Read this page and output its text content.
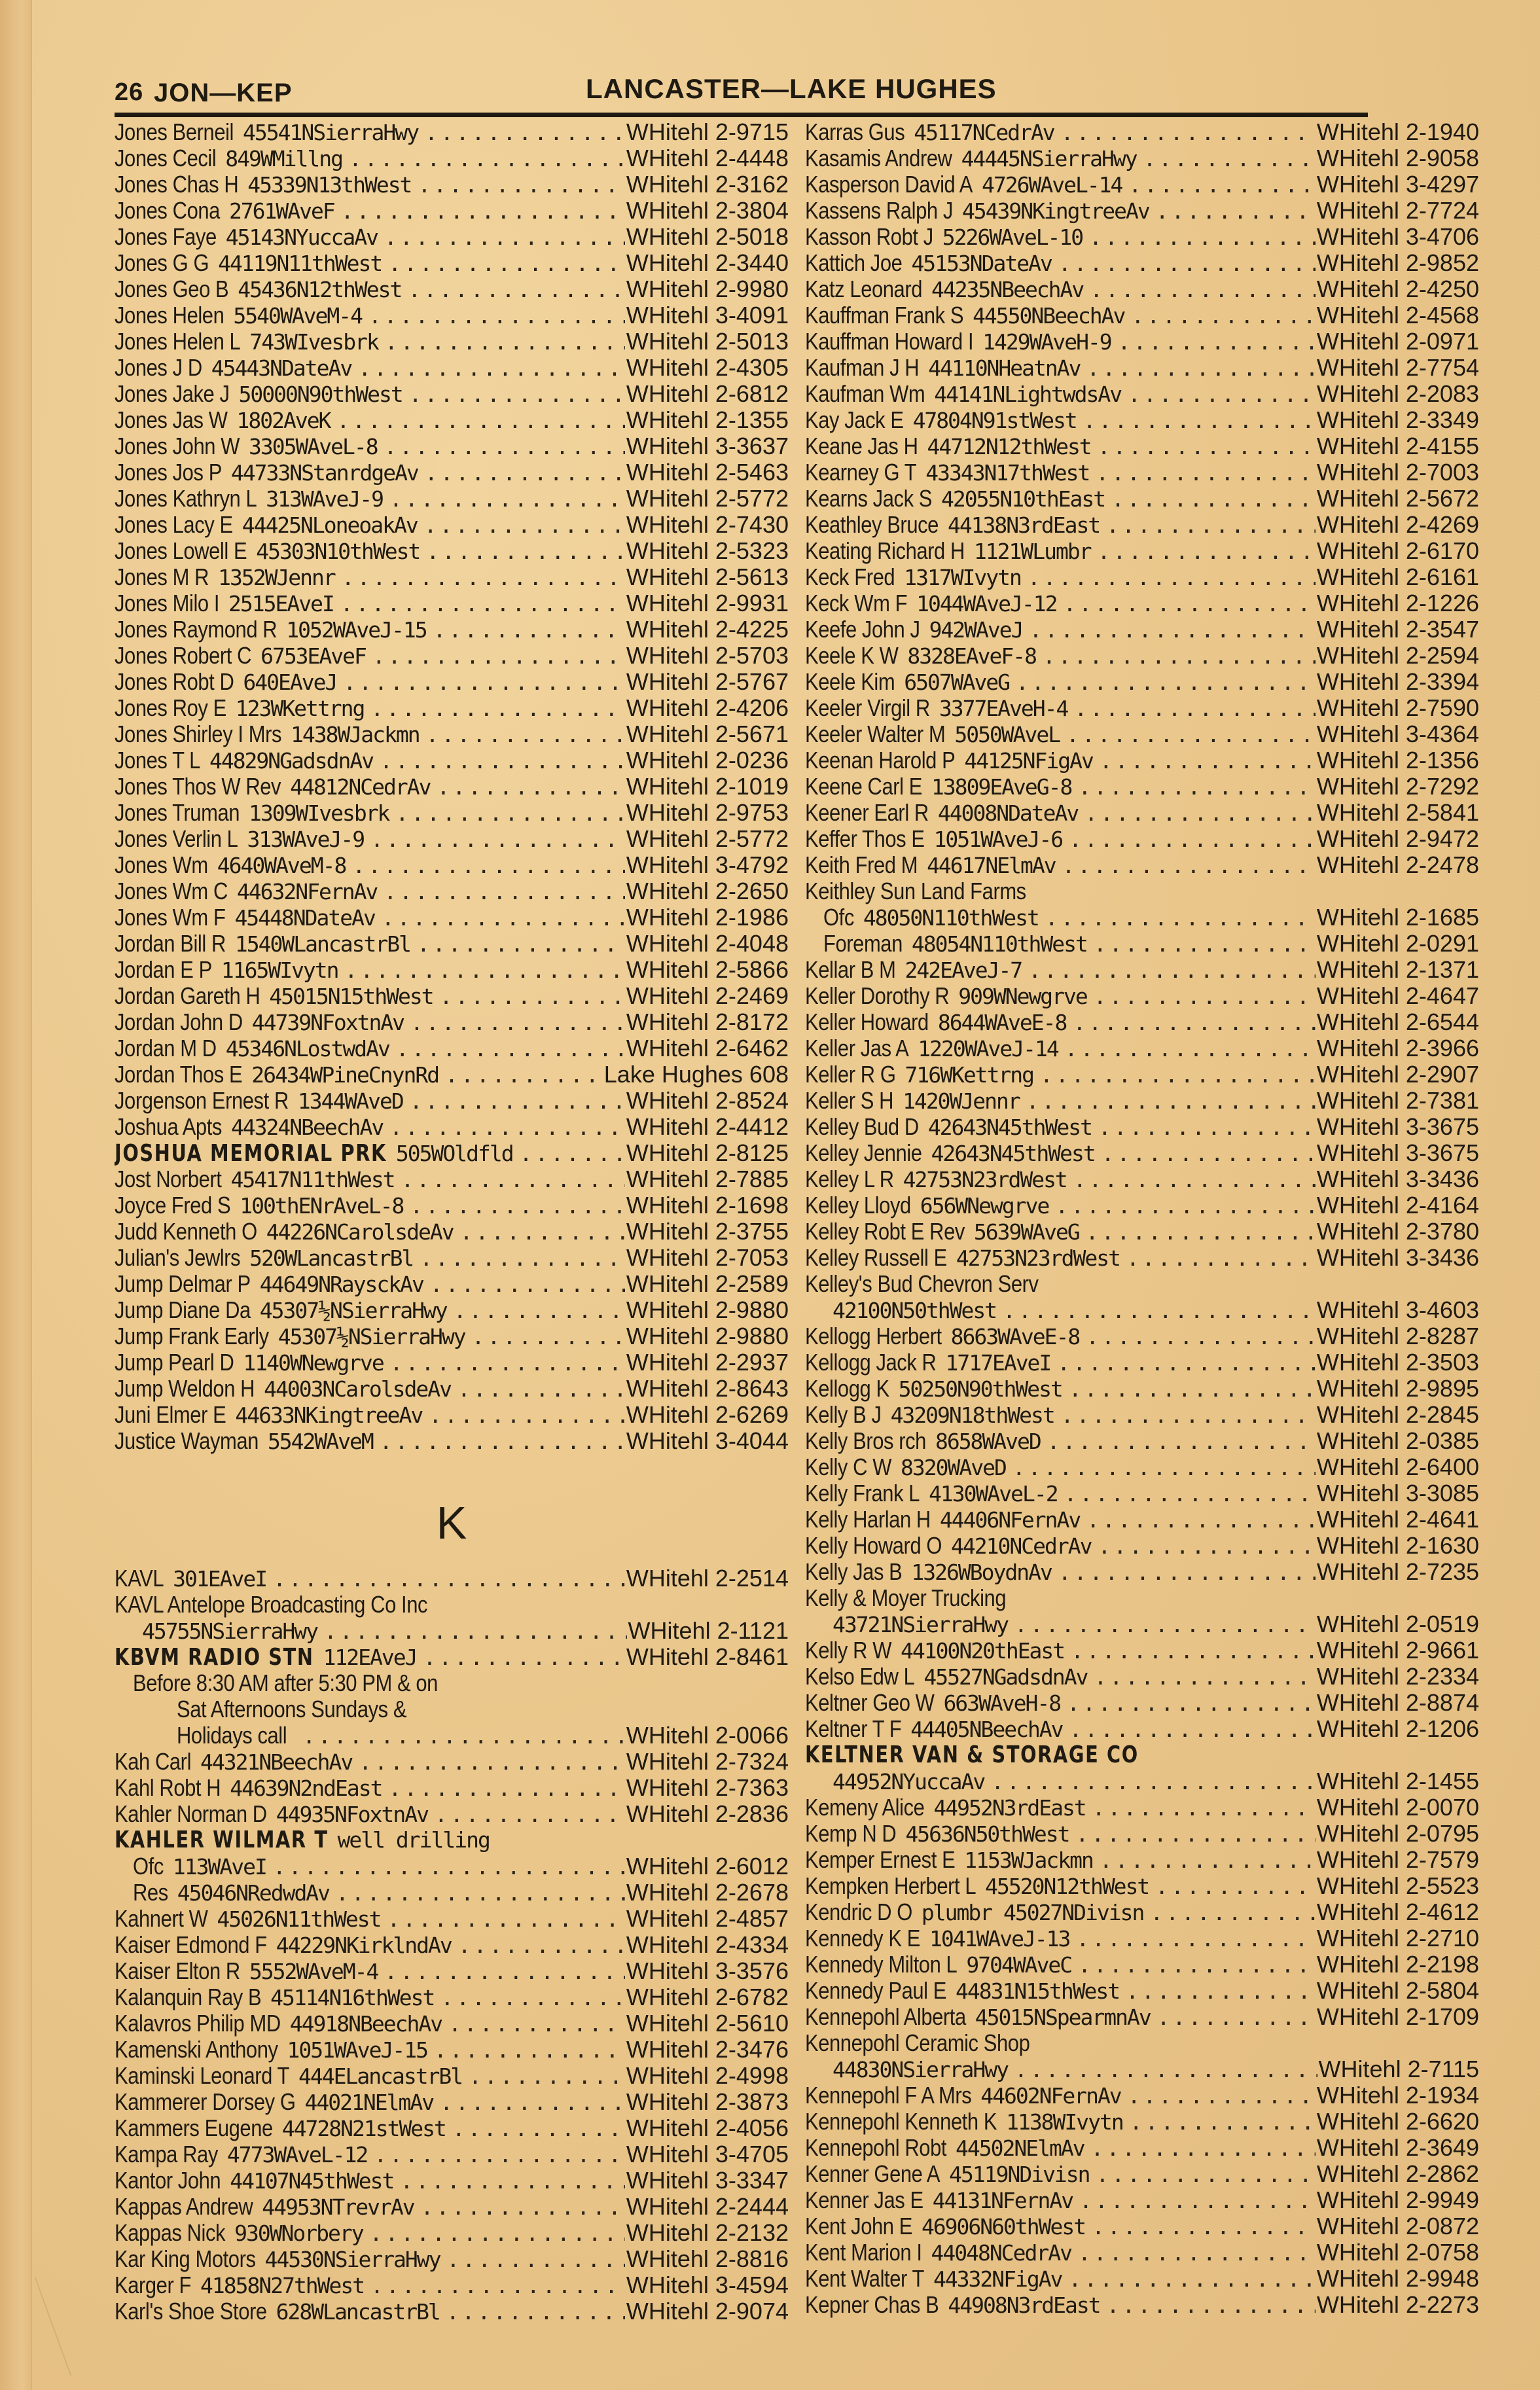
26 JON—KEP	LANCASTER—LAKE HUGHES
Jones Berneil 45541NSierraHwy .....	WHitehl 2-9715
Jones Cecil 849WMillng .....	WHitehl 2-4448
Jones Chas H 45339N13thWest .....	WHitehl 2-3162
Jones Cona 2761WAveF .....	WHitehl 2-3804
Jones Faye 45143NYuccaAv .....	WHitehl 2-5018
Jones G G 44119N11thWest .....	WHitehl 2-3440
Jones Geo B 45436N12thWest .....	WHitehl 2-9980
Jones Helen 5540WAveM-4 .....	WHitehl 3-4091
Jones Helen L 743WIvesbrk .....	WHitehl 2-5013
Jones J D 45443NDateAv .....	WHitehl 2-4305
Jones Jake J 50000N90thWest .....	WHitehl 2-6812
Jones Jas W 1802AveK .....	WHitehl 2-1355
Jones John W 3305WAveL-8 .....	WHitehl 3-3637
Jones Jos P 44733NStanrdgeAv .....	WHitehl 2-5463
Jones Kathryn L 313WAveJ-9 .....	WHitehl 2-5772
Jones Lacy E 44425NLoneoakAv .....	WHitehl 2-7430
Jones Lowell E 45303N10thWest .....	WHitehl 2-5323
Jones M R 1352WJennr .....	WHitehl 2-5613
Jones Milo I 2515EAveI .....	WHitehl 2-9931
Jones Raymond R 1052WAveJ-15 .....	WHitehl 2-4225
Jones Robert C 6753EAveF .....	WHitehl 2-5703
Jones Robt D 640EAveJ .....	WHitehl 2-5767
Jones Roy E 123WKettrng .....	WHitehl 2-4206
Jones Shirley I Mrs 1438WJackmn .....	WHitehl 2-5671
Jones T L 44829NGadsdnAv .....	WHitehl 2-0236
Jones Thos W Rev 44812NCedrAv .....	WHitehl 2-1019
Jones Truman 1309WIvesbrk .....	WHitehl 2-9753
Jones Verlin L 313WAveJ-9 .....	WHitehl 2-5772
Jones Wm 4640WAveM-8 .....	WHitehl 3-4792
Jones Wm C 44632NFernAv .....	WHitehl 2-2650
Jones Wm F 45448NDateAv .....	WHitehl 2-1986
Jordan Bill R 1540WLancastrBl .....	WHitehl 2-4048
Jordan E P 1165WIvytn .....	WHitehl 2-5866
Jordan Gareth H 45015N15thWest .....	WHitehl 2-2469
Jordan John D 44739NFoxtnAv .....	WHitehl 2-8172
Jordan M D 45346NLostwdAv .....	WHitehl 2-6462
Jordan Thos E 26434WPineCnynRd .....	Lake Hughes 608
Jorgenson Ernest R 1344WAveD .....	WHitehl 2-8524
Joshua Apts 44324NBeechAv .....	WHitehl 2-4412
JOSHUA MEMORIAL PRK 505WOldfld .....	WHitehl 2-8125
Jost Norbert 45417N11thWest .....	WHitehl 2-7885
Joyce Fred S 100thENrAveL-8 .....	WHitehl 2-1698
Judd Kenneth O 44226NCarolsdeAv .....	WHitehl 2-3755
Julian's Jewlrs 520WLancastrBl .....	WHitehl 2-7053
Jump Delmar P 44649NRaysckAv .....	WHitehl 2-2589
Jump Diane Da 45307½NSierraHwy .....	WHitehl 2-9880
Jump Frank Early 45307½NSierraHwy .....	WHitehl 2-9880
Jump Pearl D 1140WNewgrve .....	WHitehl 2-2937
Jump Weldon H 44003NCarolsdeAv .....	WHitehl 2-8643
Juni Elmer E 44633NKingtreeAv .....	WHitehl 2-6269
Justice Wayman 5542WAveM .....	WHitehl 3-4044
K
KAVL 301EAveI .....	WHitehl 2-2514
KAVL Antelope Broadcasting Co Inc
45755NSierraHwy .....	WHitehl 2-1121
KBVM RADIO STN 112EAveJ .....	WHitehl 2-8461
Before 8:30 AM after 5:30 PM & on
Sat Afternoons Sundays &
Holidays call .....	WHitehl 2-0066
Kah Carl 44321NBeechAv .....	WHitehl 2-7324
Kahl Robt H 44639N2ndEast .....	WHitehl 2-7363
Kahler Norman D 44935NFoxtnAv .....	WHitehl 2-2836
KAHLER WILMAR T well drilling
Ofc 113WAveI .....	WHitehl 2-6012
Res 45046NRedwdAv .....	WHitehl 2-2678
Kahnert W 45026N11thWest .....	WHitehl 2-4857
Kaiser Edmond F 44229NKirklndAv .....	WHitehl 2-4334
Kaiser Elton R 5552WAveM-4 .....	WHitehl 3-3576
Kalanquin Ray B 45114N16thWest .....	WHitehl 2-6782
Kalavros Philip MD 44918NBeechAv .....	WHitehl 2-5610
Kamenski Anthony 1051WAveJ-15 .....	WHitehl 2-3476
Kaminski Leonard T 444ELancastrBl .....	WHitehl 2-4998
Kammerer Dorsey G 44021NElmAv .....	WHitehl 2-3873
Kammers Eugene 44728N21stWest .....	WHitehl 2-4056
Kampa Ray 4773WAveL-12 .....	WHitehl 3-4705
Kantor John 44107N45thWest .....	WHitehl 3-3347
Kappas Andrew 44953NTrevrAv .....	WHitehl 2-2444
Kappas Nick 930WNorbery .....	WHitehl 2-2132
Kar King Motors 44530NSierraHwy .....	WHitehl 2-8816
Karger F 41858N27thWest .....	WHitehl 3-4594
Karl's Shoe Store 628WLancastrBl .....	WHitehl 2-9074
Karras Gus 45117NCedrAv .....	WHitehl 2-1940
Kasamis Andrew 44445NSierraHwy .....	WHitehl 2-9058
Kasperson David A 4726WAveL-14 .....	WHitehl 3-4297
Kassens Ralph J 45439NKingtreeAv .....	WHitehl 2-7724
Kasson Robt J 5226WAveL-10 .....	WHitehl 3-4706
Kattich Joe 45153NDateAv .....	WHitehl 2-9852
Katz Leonard 44235NBeechAv .....	WHitehl 2-4250
Kauffman Frank S 44550NBeechAv .....	WHitehl 2-4568
Kauffman Howard I 1429WAveH-9 .....	WHitehl 2-0971
Kaufman J H 44110NHeatnAv .....	WHitehl 2-7754
Kaufman Wm 44141NLightwdsAv .....	WHitehl 2-2083
Kay Jack E 47804N91stWest .....	WHitehl 2-3349
Keane Jas H 44712N12thWest .....	WHitehl 2-4155
Kearney G T 43343N17thWest .....	WHitehl 2-7003
Kearns Jack S 42055N10thEast .....	WHitehl 2-5672
Keathley Bruce 44138N3rdEast .....	WHitehl 2-4269
Keating Richard H 1121WLumbr .....	WHitehl 2-6170
Keck Fred 1317WIvytn .....	WHitehl 2-6161
Keck Wm F 1044WAveJ-12 .....	WHitehl 2-1226
Keefe John J 942WAveJ .....	WHitehl 2-3547
Keele K W 8328EAveF-8 .....	WHitehl 2-2594
Keele Kim 6507WAveG .....	WHitehl 2-3394
Keeler Virgil R 3377EAveH-4 .....	WHitehl 2-7590
Keeler Walter M 5050WAveL .....	WHitehl 3-4364
Keenan Harold P 44125NFigAv .....	WHitehl 2-1356
Keene Carl E 13809EAveG-8 .....	WHitehl 2-7292
Keener Earl R 44008NDateAv .....	WHitehl 2-5841
Keffer Thos E 1051WAveJ-6 .....	WHitehl 2-9472
Keith Fred M 44617NElmAv .....	WHitehl 2-2478
Keithley Sun Land Farms
Ofc 48050N110thWest .....	WHitehl 2-1685
Foreman 48054N110thWest .....	WHitehl 2-0291
Kellar B M 242EAveJ-7 .....	WHitehl 2-1371
Keller Dorothy R 909WNewgrve .....	WHitehl 2-4647
Keller Howard 8644WAveE-8 .....	WHitehl 2-6544
Keller Jas A 1220WAveJ-14 .....	WHitehl 2-3966
Keller R G 716WKettrng .....	WHitehl 2-2907
Keller S H 1420WJennr .....	WHitehl 2-7381
Kelley Bud D 42643N45thWest .....	WHitehl 3-3675
Kelley Jennie 42643N45thWest .....	WHitehl 3-3675
Kelley L R 42753N23rdWest .....	WHitehl 3-3436
Kelley Lloyd 656WNewgrve .....	WHitehl 2-4164
Kelley Robt E Rev 5639WAveG .....	WHitehl 2-3780
Kelley Russell E 42753N23rdWest .....	WHitehl 3-3436
Kelley's Bud Chevron Serv
42100N50thWest .....	WHitehl 3-4603
Kellogg Herbert 8663WAveE-8 .....	WHitehl 2-8287
Kellogg Jack R 1717EAveI .....	WHitehl 2-3503
Kellogg K 50250N90thWest .....	WHitehl 2-9895
Kelly B J 43209N18thWest .....	WHitehl 2-2845
Kelly Bros rch 8658WAveD .....	WHitehl 2-0385
Kelly C W 8320WAveD .....	WHitehl 2-6400
Kelly Frank L 4130WAveL-2 .....	WHitehl 3-3085
Kelly Harlan H 44406NFernAv .....	WHitehl 2-4641
Kelly Howard O 44210NCedrAv .....	WHitehl 2-1630
Kelly Jas B 1326WBoydnAv .....	WHitehl 2-7235
Kelly & Moyer Trucking
43721NSierraHwy .....	WHitehl 2-0519
Kelly R W 44100N20thEast .....	WHitehl 2-9661
Kelso Edw L 45527NGadsdnAv .....	WHitehl 2-2334
Keltner Geo W 663WAveH-8 .....	WHitehl 2-8874
Keltner T F 44405NBeechAv .....	WHitehl 2-1206
KELTNER VAN & STORAGE CO
44952NYuccaAv .....	WHitehl 2-1455
Kemeny Alice 44952N3rdEast .....	WHitehl 2-0070
Kemp N D 45636N50thWest .....	WHitehl 2-0795
Kemper Ernest E 1153WJackmn .....	WHitehl 2-7579
Kempken Herbert L 45520N12thWest .....	WHitehl 2-5523
Kendric D O plumbr 45027NDivisn .....	WHitehl 2-4612
Kennedy K E 1041WAveJ-13 .....	WHitehl 2-2710
Kennedy Milton L 9704WAveC .....	WHitehl 2-2198
Kennedy Paul E 44831N15thWest .....	WHitehl 2-5804
Kennepohl Alberta 45015NSpearmnAv .....	WHitehl 2-1709
Kennepohl Ceramic Shop
44830NSierraHwy .....	WHitehl 2-7115
Kennepohl F A Mrs 44602NFernAv .....	WHitehl 2-1934
Kennepohl Kenneth K 1138WIvytn .....	WHitehl 2-6620
Kennepohl Robt 44502NElmAv .....	WHitehl 2-3649
Kenner Gene A 45119NDivisn .....	WHitehl 2-2862
Kenner Jas E 44131NFernAv .....	WHitehl 2-9949
Kent John E 46906N60thWest .....	WHitehl 2-0872
Kent Marion I 44048NCedrAv .....	WHitehl 2-0758
Kent Walter T 44332NFigAv .....	WHitehl 2-9948
Kepner Chas B 44908N3rdEast .....	WHitehl 2-2273
